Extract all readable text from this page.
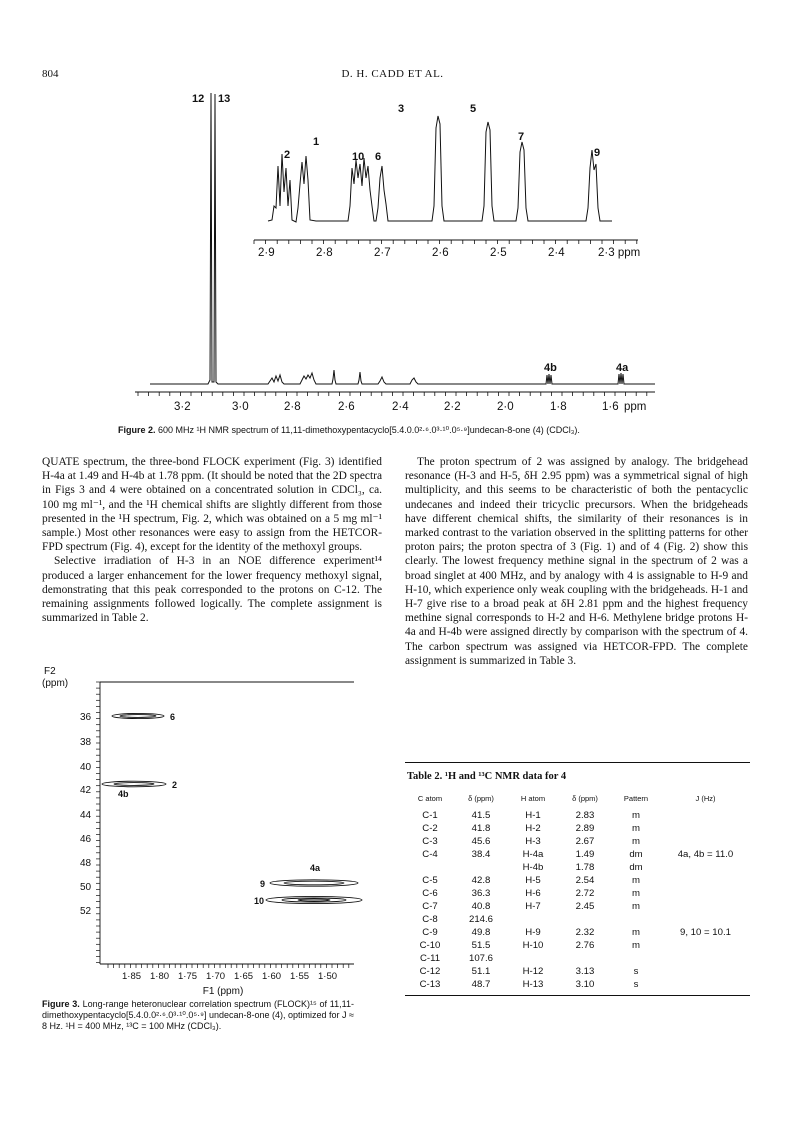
804	D. H. CADD ET AL.
2·9	2·8	2·7	2·6	2·5	2·4	2·3 ppm
3·2	3·0	2·8	2·6	2·4	2·2	2·0	1·8	1·6 ppm
12 13
3	5
1
2	10 6
7
9
4b	4a
Figure 2. 600 MHz ¹H NMR spectrum of 11,11-dimethoxypentacyclo[5.4.0.0²·⁶.0³·¹⁰.0⁵·⁹]undecan-8-one (4) (CDCl₃).

QUATE spectrum, the three-bond FLOCK experiment (Fig. 3) identified H-4a at 1.49 and H-4b at 1.78 ppm. (It should be noted that the 2D spectra in Figs 3 and 4 were obtained on a concentrated solution in CDCl₃, ca. 100 mg ml⁻¹, and the ¹H chemical shifts are slightly different from those presented in the ¹H spectrum, Fig. 2, which was obtained on a 5 mg ml⁻¹ sample.) Most other resonances were easy to assign from the HETCOR-FPD spectrum (Fig. 4), except for the identity of the methoxyl groups.

Selective irradiation of H-3 in an NOE difference experiment¹⁴ produced a larger enhancement for the lower frequency methoxyl signal, demonstrating that this peak corresponded to the protons on C-12. The remaining assignments followed logically. The complete assignment is summarized in Table 2.

The proton spectrum of 2 was assigned by analogy. The bridgehead resonance (H-3 and H-5, δH 2.95 ppm) was a symmetrical signal of high multiplicity, and this seems to be characteristic of both the pentacyclic undecanes and indeed their tricyclic precursors. When the bridgeheads have different chemical shifts, the similarity of their resonances is in marked contrast to the variation observed in the splitting patterns for other proton pairs; the proton spectra of 3 (Fig. 1) and of 4 (Fig. 2) show this clearly. The lowest frequency methine signal in the spectrum of 2 was a broad singlet at 400 MHz, and by analogy with 4 is assignable to H-9 and H-10, which experience only weak coupling with the bridgeheads. H-1 and H-7 give rise to a broad peak at δH 2.81 ppm and the highest frequency methine signal corresponds to H-2 and H-6. Methylene bridge protons H-4a and H-4b were assigned directly by comparison with the spectrum of 4. The carbon spectrum was assigned via HETCOR-FPD. The complete assignment is summarized in Table 3.

F2
(ppm)
36
38
40
42
44
46
48
50
52
1·85 1·80 1·75 1·70 1·65 1·60 1·55 1·50
6
2
4b
4a
9
10
F1 (ppm)
Figure 3. Long-range heteronuclear correlation spectrum (FLOCK)¹⁵ of 11,11-dimethoxypentacyclo[5.4.0.0²·⁶.0³·¹⁰.0⁵·⁹] undecan-8-one (4), optimized for J ≈ 8 Hz. ¹H = 400 MHz, ¹³C = 100 MHz (CDCl₃).
Table 2. ¹H and ¹³C NMR data for 4
C atom	δ (ppm)	H atom	δ (ppm)	Pattern	J (Hz)
C-1	41.5	H-1	2.83	m	
C-2	41.8	H-2	2.89	m	
C-3	45.6	H-3	2.67	m	
C-4	38.4	H-4a	1.49	dm	4a, 4b = 11.0
		H-4b	1.78	dm	
C-5	42.8	H-5	2.54	m	
C-6	36.3	H-6	2.72	m	
C-7	40.8	H-7	2.45	m	
C-8	214.6				
C-9	49.8	H-9	2.32	m	9, 10 = 10.1
C-10	51.5	H-10	2.76	m	
C-11	107.6				
C-12	51.1	H-12	3.13	s	
C-13	48.7	H-13	3.10	s	
